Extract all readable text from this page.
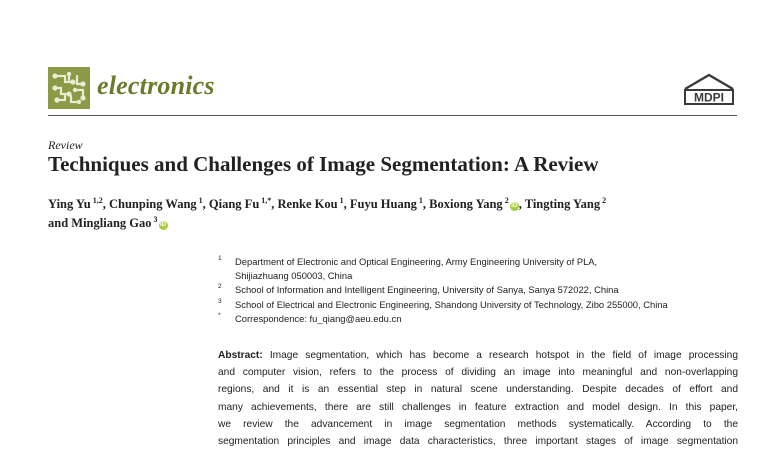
electronics	MDPI
Review
Techniques and Challenges of Image Segmentation: A Review
Ying Yu $^{1,2}$, Chunping Wang $^1$, Qiang Fu $^{1,*}$, Renke Kou $^1$, Fuyu Huang $^1$, Boxiong Yang $^2$iD , Tingting Yang $^2$
and Mingliang Gao $^3$iD
1 Department of Electronic and Optical Engineering, Army Engineering University of PLA,
Shijiazhuang 050003, China
2 School of Information and Intelligent Engineering, University of Sanya, Sanya 572022, China
3 School of Electrical and Electronic Engineering, Shandong University of Technology, Zibo 255000, China
* Correspondence: fu_qiang@aeu.edu.cn
Abstract: Image segmentation, which has become a research hotspot in the field of image processing
and computer vision, refers to the process of dividing an image into meaningful and non-overlapping
regions, and it is an essential step in natural scene understanding. Despite decades of effort and
many achievements, there are still challenges in feature extraction and model design. In this paper,
we review the advancement in image segmentation methods systematically. According to the
segmentation principles and image data characteristics, three important stages of image segmentation
